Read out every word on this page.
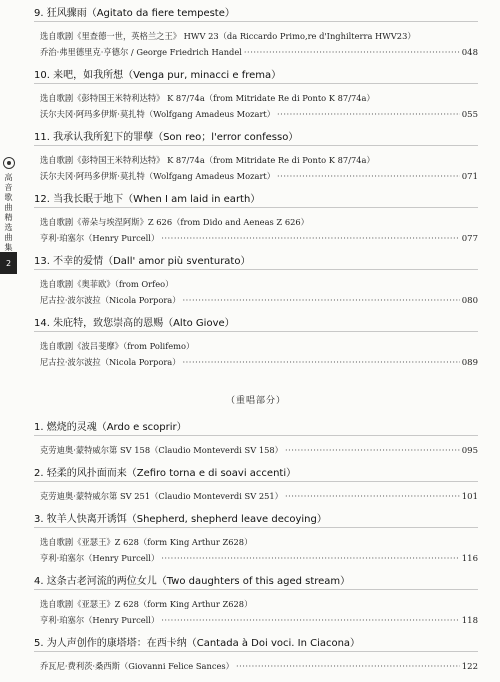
高音歌曲精选曲集
2
9. 狂风骤雨（Agitato da fiere tempeste）
选自歌剧《里查德一世，英格兰之王》 HWV 23（da Riccardo Primo,re d'Inghilterra HWV23）
乔治·弗里德里克·亨德尔 / George Friedrich Handel ·····	048
10. 来吧，如我所想（Venga pur, minacci e frema）
选自歌剧《彭特国王米特利达特》 K 87/74a（from Mitridate Re di Ponto K 87/74a）
沃尔夫冈·阿玛多伊斯·莫扎特（Wolfgang Amadeus Mozart） ·····	055
11. 我承认我所犯下的罪孽（Son reo；l'error confesso）
选自歌剧《彭特国王米特利达特》 K 87/74a（from Mitridate Re di Ponto K 87/74a）
沃尔夫冈·阿玛多伊斯·莫扎特（Wolfgang Amadeus Mozart） ·····	071
12. 当我长眠于地下（When I am laid in earth）
选自歌剧《蒂朵与埃涅阿斯》Z 626（from Dido and Aeneas Z 626）
亨利·珀塞尔（Henry Purcell） ·····	077
13. 不幸的爱情（Dall' amor più sventurato）
选自歌剧《奥菲欧》（from Orfeo）
尼古拉·波尔波拉（Nicola Porpora） ·····	080
14. 朱庇特，致您崇高的恩赐（Alto Giove）
选自歌剧《波吕斐摩》（from Polifemo）
尼古拉·波尔波拉（Nicola Porpora） ·····	089
（重唱部分）
1. 燃烧的灵魂（Ardo e scoprir）
克劳迪奥·蒙特威尔第 SV 158（Claudio Monteverdi SV 158） ·····	095
2. 轻柔的风扑面而来（Zefiro torna e di soavi accenti）
克劳迪奥·蒙特威尔第 SV 251（Claudio Monteverdi SV 251） ·····	101
3. 牧羊人快离开诱饵（Shepherd, shepherd leave decoying）
选自歌剧《亚瑟王》Z 628（form King Arthur Z628）
亨利·珀塞尔（Henry Purcell） ·····	116
4. 这条古老河流的两位女儿（Two daughters of this aged stream）
选自歌剧《亚瑟王》Z 628（form King Arthur Z628）
亨利·珀塞尔（Henry Purcell） ·····	118
5. 为人声创作的康塔塔：在西卡纳（Cantada à Doi voci. In Ciacona）
乔瓦尼·费利茨·桑西斯（Giovanni Felice Sances） ·····	122
